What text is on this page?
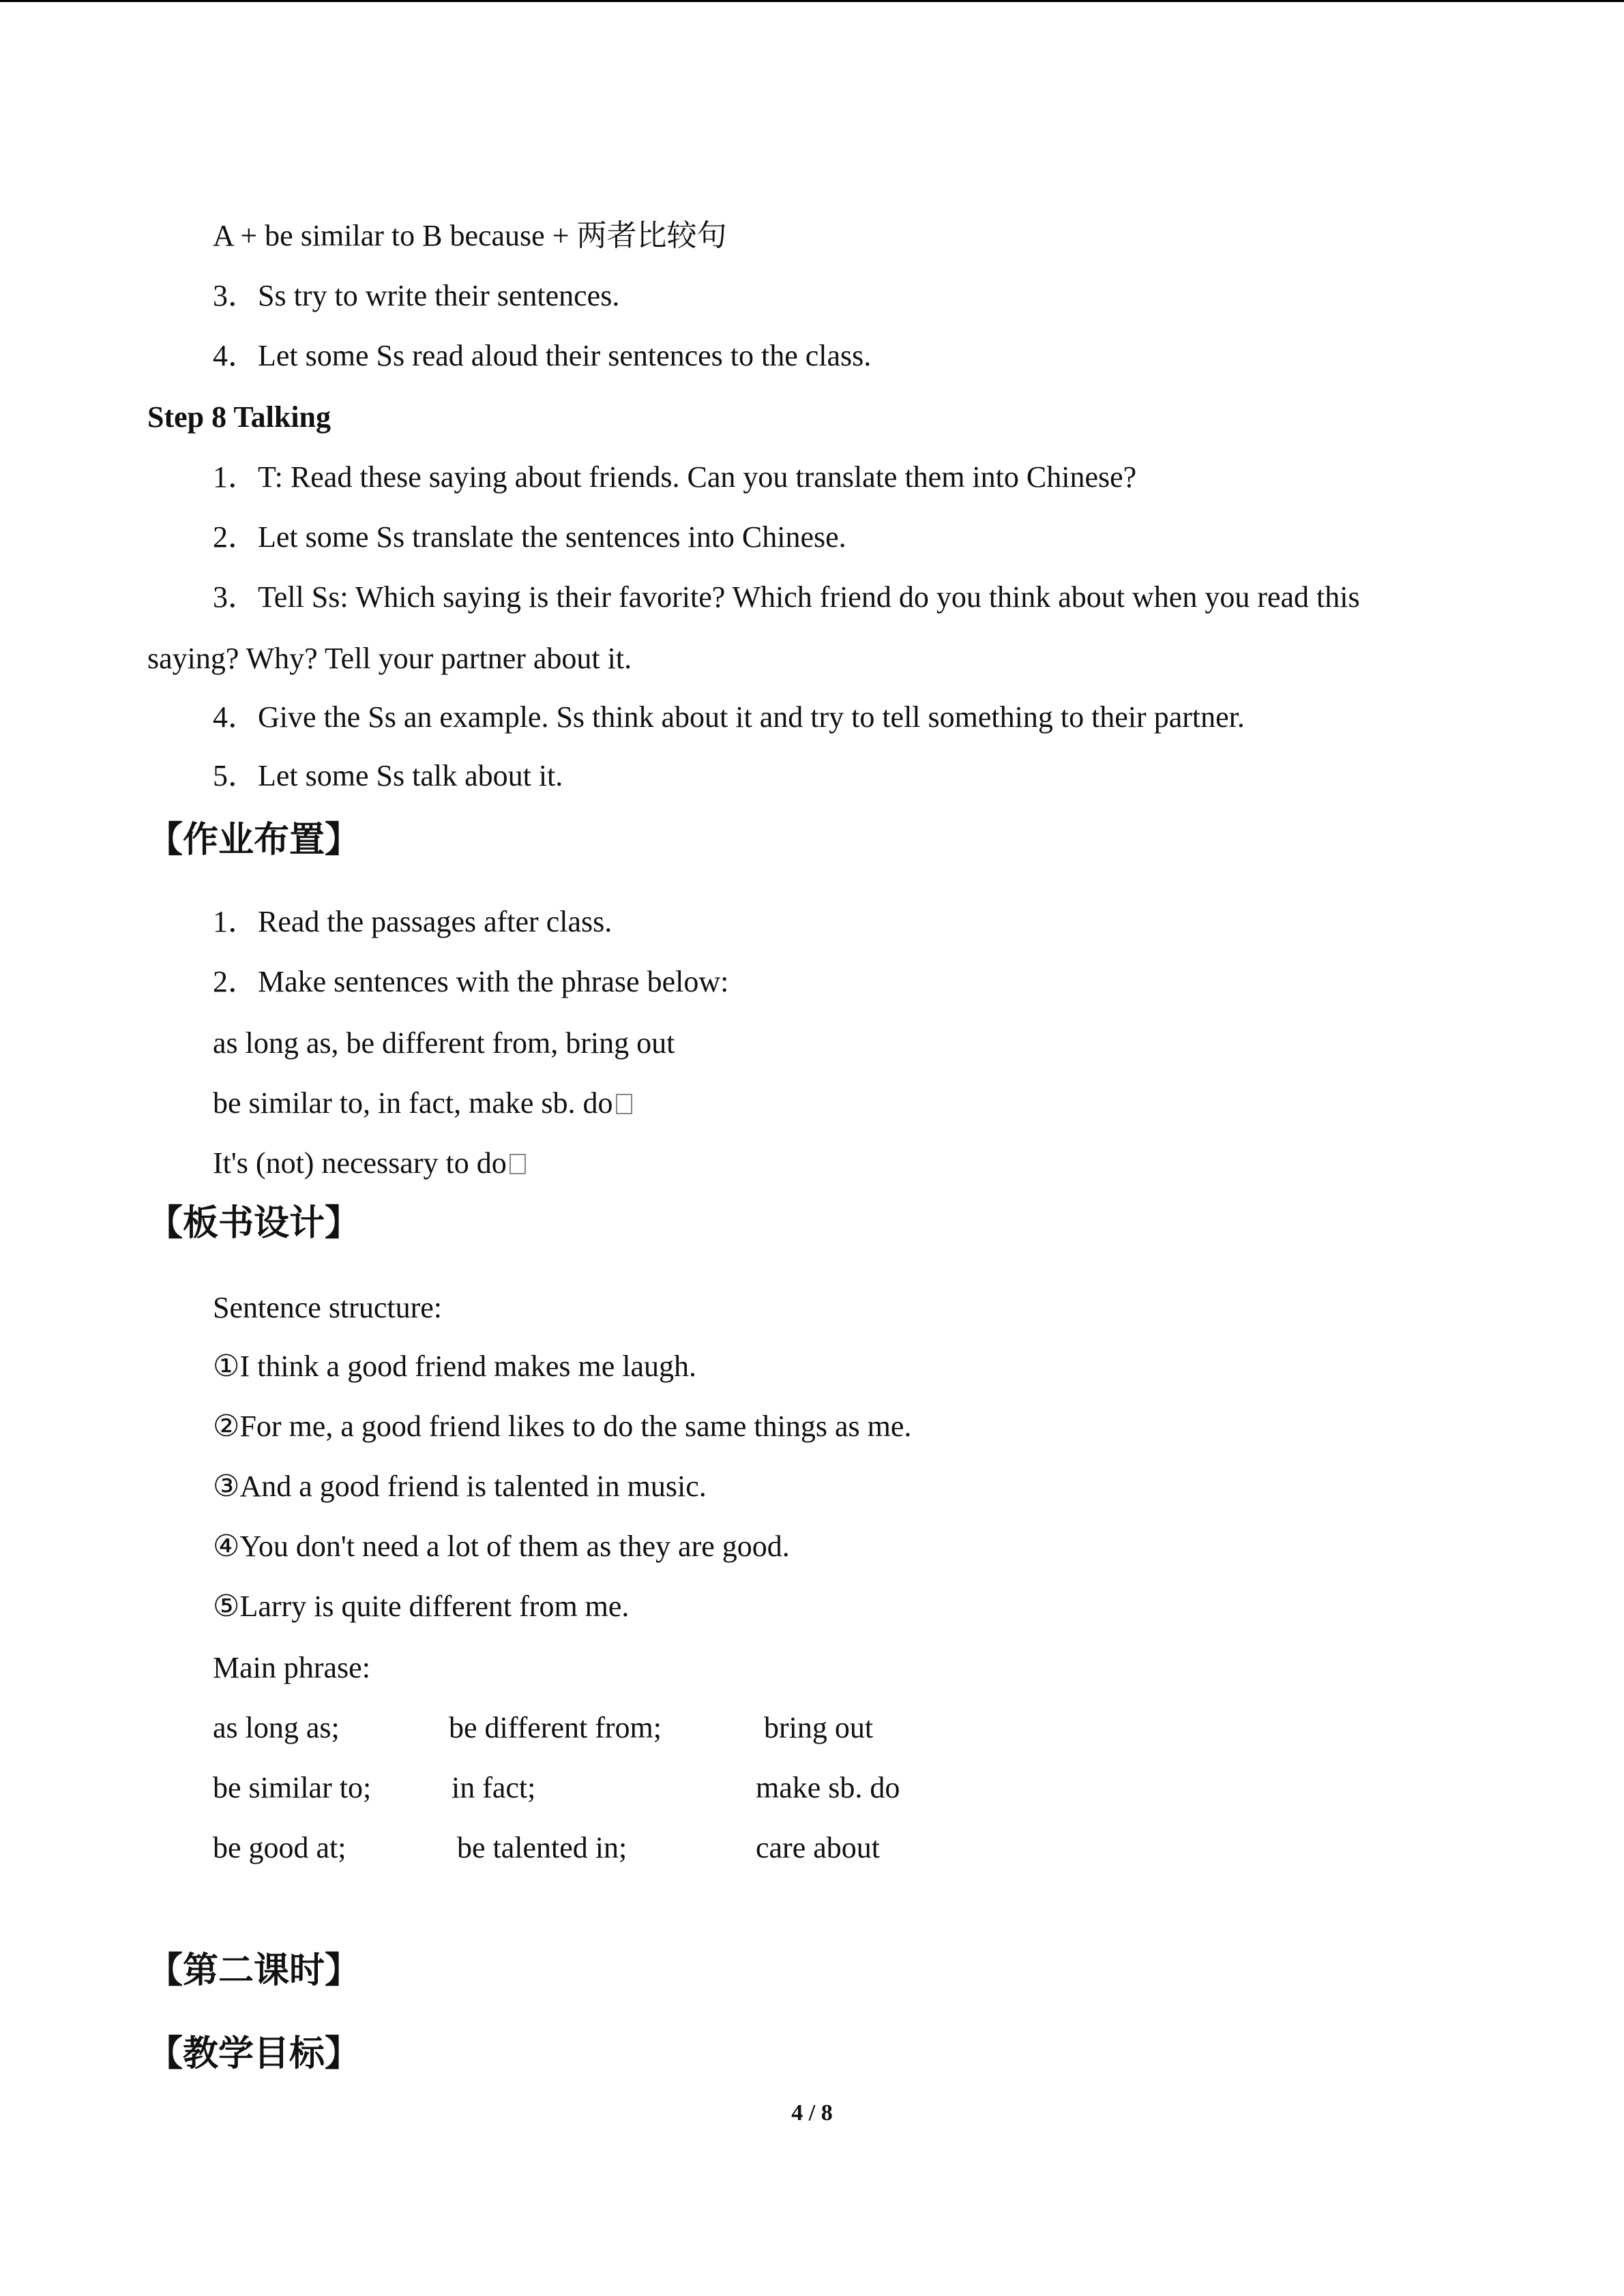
A + be similar to B because + 两者比较句
3．Ss try to write their sentences.
4．Let some Ss read aloud their sentences to the class.
Step 8 Talking
1．T: Read these saying about friends. Can you translate them into Chinese?
2．Let some Ss translate the sentences into Chinese.
3．Tell Ss: Which saying is their favorite? Which friend do you think about when you read this
saying? Why? Tell your partner about it.
4．Give the Ss an example. Ss think about it and try to tell something to their partner.
5．Let some Ss talk about it.
【作业布置】
1．Read the passages after class.
2．Make sentences with the phrase below:
as long as, be different from, bring out
be similar to, in fact, make sb. do
It's (not) necessary to do
【板书设计】
Sentence structure:
①I think a good friend makes me laugh.
②For me, a good friend likes to do the same things as me.
③And a good friend is talented in music.
④You don't need a lot of them as they are good.
⑤Larry is quite different from me.
Main phrase:
as long as;	be different from;	bring out
be similar to;	in fact;	make sb. do
be good at;	be talented in;	care about
【第二课时】
【教学目标】
4 / 8
